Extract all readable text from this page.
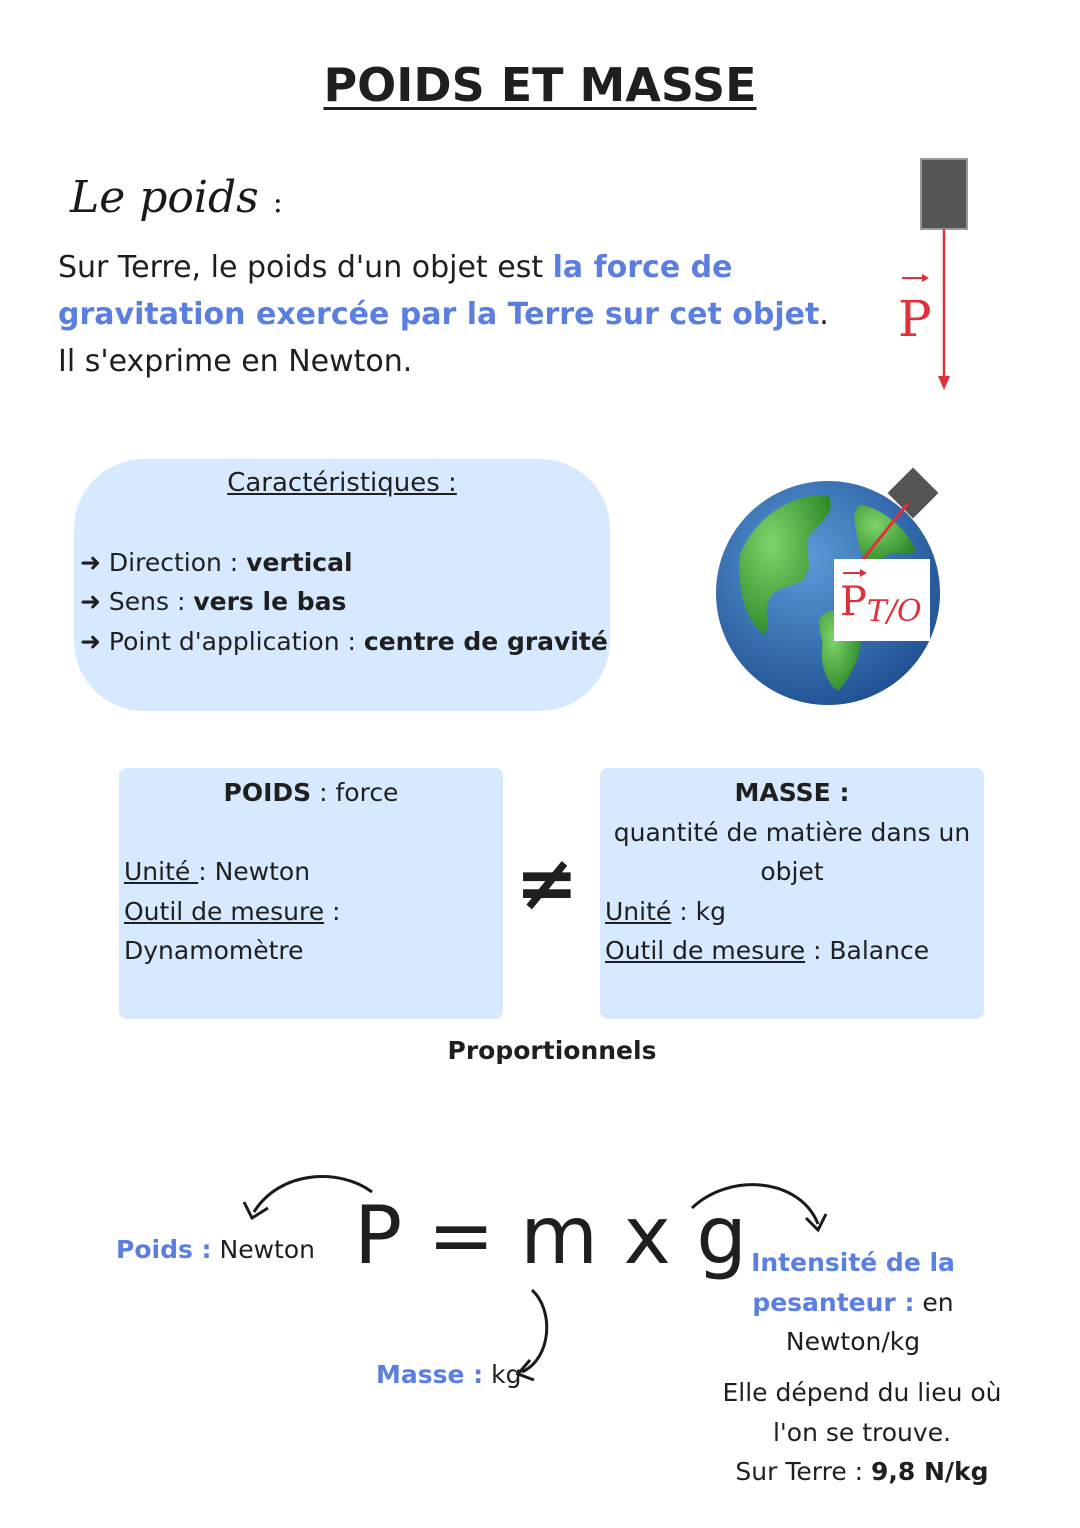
POIDS ET MASSE
Le poids :
Sur Terre, le poids d'un objet est la force de gravitation exercée par la Terre sur cet objet. Il s'exprime en Newton.
P
Caractéristiques :
➜ Direction : vertical
➜ Sens : vers le bas
➜ Point d'application : centre de gravité
PT/O
POIDS : force
Unité : Newton
Outil de mesure :
Dynamomètre
≠
MASSE :
quantité de matière dans un
objet
Unité : kg
Outil de mesure : Balance
Proportionnels
P = m x g
Poids : Newton
Masse : kg
Intensité de la
pesanteur : en
Newton/kg
Elle dépend du lieu où
l'on se trouve.
Sur Terre : 9,8 N/kg
